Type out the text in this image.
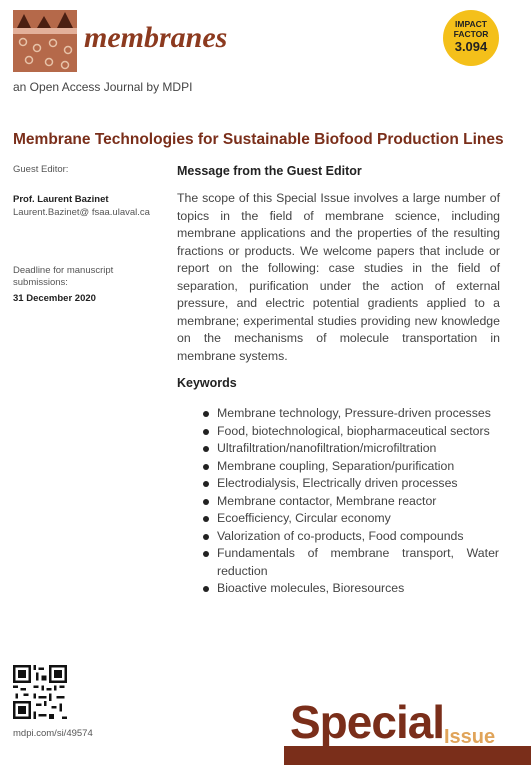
membranes
an Open Access Journal by MDPI
IMPACT
FACTOR
3.094
Membrane Technologies for Sustainable Biofood Production Lines
Guest Editor:
Prof. Laurent Bazinet
Laurent.Bazinet@ fsaa.ulaval.ca
Deadline for manuscript submissions:
31 December 2020

Message from the Guest Editor

The scope of this Special Issue involves a large number of topics in the field of membrane science, including membrane applications and the properties of the resulting fractions or products. We welcome papers that include or report on the following: case studies in the field of separation, purification under the action of external pressure, and electric potential gradients applied to a membrane; experimental studies providing new knowledge on the mechanisms of molecule transportation in membrane systems.

Keywords
Membrane technology, Pressure-driven processes
Food, biotechnological, biopharmaceutical sectors
Ultrafiltration/nanofiltration/microfiltration
Membrane coupling, Separation/purification
Electrodialysis, Electrically driven processes
Membrane contactor, Membrane reactor
Ecoefficiency, Circular economy
Valorization of co-products, Food compounds
Fundamentals of membrane transport, Water reduction
Bioactive molecules, Bioresources
mdpi.com/si/49574	Special Issue
